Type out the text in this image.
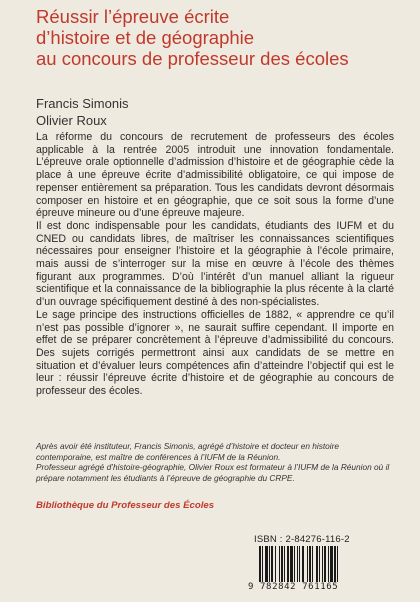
Réussir l’épreuve écrite
d’histoire et de géographie
au concours de professeur des écoles
Francis Simonis
Olivier Roux

La réforme du concours de recrutement de professeurs des écoles applicable à la rentrée 2005 introduit une innovation fondamentale. L’épreuve orale optionnelle d’admission d’histoire et de géographie cède la place à une épreuve écrite d’admissibilité obligatoire, ce qui impose de repenser entièrement sa préparation. Tous les candidats devront désormais composer en histoire et en géographie, que ce soit sous la forme d’une épreuve mineure ou d’une épreuve majeure.

Il est donc indispensable pour les candidats, étudiants des IUFM et du CNED ou candidats libres, de maîtriser les connaissances scientifiques nécessaires pour enseigner l’histoire et la géographie à l’école primaire, mais aussi de s’interroger sur la mise en œuvre à l’école des thèmes figurant aux programmes. D’où l’intérêt d’un manuel alliant la rigueur scientifique et la connaissance de la bibliographie la plus récente à la clarté d’un ouvrage spécifiquement destiné à des non-spécialistes.

Le sage principe des instructions officielles de 1882, « apprendre ce qu’il n’est pas possible d’ignorer », ne saurait suffire cependant. Il importe en effet de se préparer concrètement à l’épreuve d’admissibilité du concours. Des sujets corrigés permettront ainsi aux candidats de se mettre en situation et d’évaluer leurs compétences afin d’atteindre l’objectif qui est le leur : réussir l’épreuve écrite d’histoire et de géographie au concours de professeur des écoles.

Après avoir été instituteur, Francis Simonis, agrégé d’histoire et docteur en histoire contemporaine, est maître de conférences à l’IUFM de la Réunion.

Professeur agrégé d’histoire-géographie, Olivier Roux est formateur à l’IUFM de la Réunion où il prépare notamment les étudiants à l’épreuve de géographie du CRPE.

Bibliothèque du Professeur des Écoles
ISBN : 2-84276-116-2
9 782842 761165
